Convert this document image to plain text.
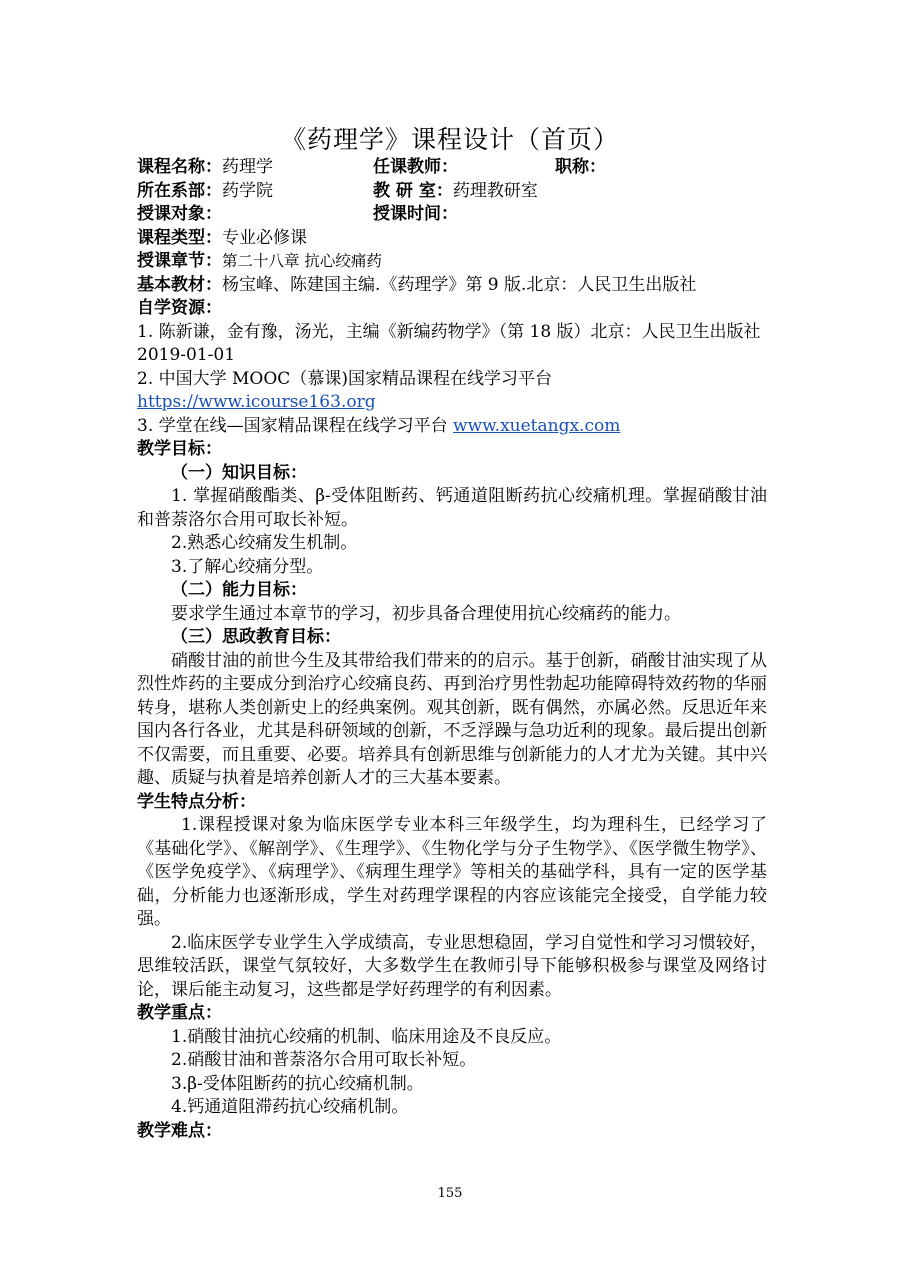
《药理学》课程设计（首页）
课程名称：药理学	任课教师：	职称：
所在系部：药学院	教 研 室：药理教研室
授课对象：	授课时间：
课程类型：专业必修课
授课章节：第二十八章 抗心绞痛药
基本教材：杨宝峰、陈建国主编.《药理学》第 9 版.北京：人民卫生出版社
自学资源：
1. 陈新谦，金有豫，汤光，主编《新编药物学》（第 18 版）北京：人民卫生出版社 2019-01-01
2. 中国大学 MOOC（慕课)国家精品课程在线学习平台
https://www.icourse163.org
3. 学堂在线—国家精品课程在线学习平台 www.xuetangx.com
教学目标：
（一）知识目标：

1. 掌握硝酸酯类、β-受体阻断药、钙通道阻断药抗心绞痛机理。掌握硝酸甘油和普萘洛尔合用可取长补短。

2.熟悉心绞痛发生机制。
3.了解心绞痛分型。
（二）能力目标：
要求学生通过本章节的学习，初步具备合理使用抗心绞痛药的能力。
（三）思政教育目标：

硝酸甘油的前世今生及其带给我们带来的的启示。基于创新，硝酸甘油实现了从烈性炸药的主要成分到治疗心绞痛良药、再到治疗男性勃起功能障碍特效药物的华丽转身，堪称人类创新史上的经典案例。观其创新，既有偶然，亦属必然。反思近年来国内各行各业，尤其是科研领域的创新，不乏浮躁与急功近利的现象。最后提出创新不仅需要，而且重要、必要。培养具有创新思维与创新能力的人才尤为关键。其中兴趣、质疑与执着是培养创新人才的三大基本要素。

学生特点分析：

1.课程授课对象为临床医学专业本科三年级学生，均为理科生，已经学习了《基础化学》、《解剖学》、《生理学》、《生物化学与分子生物学》、《医学微生物学》、《医学免疫学》、《病理学》、《病理生理学》等相关的基础学科，具有一定的医学基础，分析能力也逐渐形成，学生对药理学课程的内容应该能完全接受，自学能力较强。

2.临床医学专业学生入学成绩高，专业思想稳固，学习自觉性和学习习惯较好，思维较活跃，课堂气氛较好，大多数学生在教师引导下能够积极参与课堂及网络讨论，课后能主动复习，这些都是学好药理学的有利因素。

教学重点：
1.硝酸甘油抗心绞痛的机制、临床用途及不良反应。
2.硝酸甘油和普萘洛尔合用可取长补短。
3.β-受体阻断药的抗心绞痛机制。
4.钙通道阻滞药抗心绞痛机制。
教学难点：
155
